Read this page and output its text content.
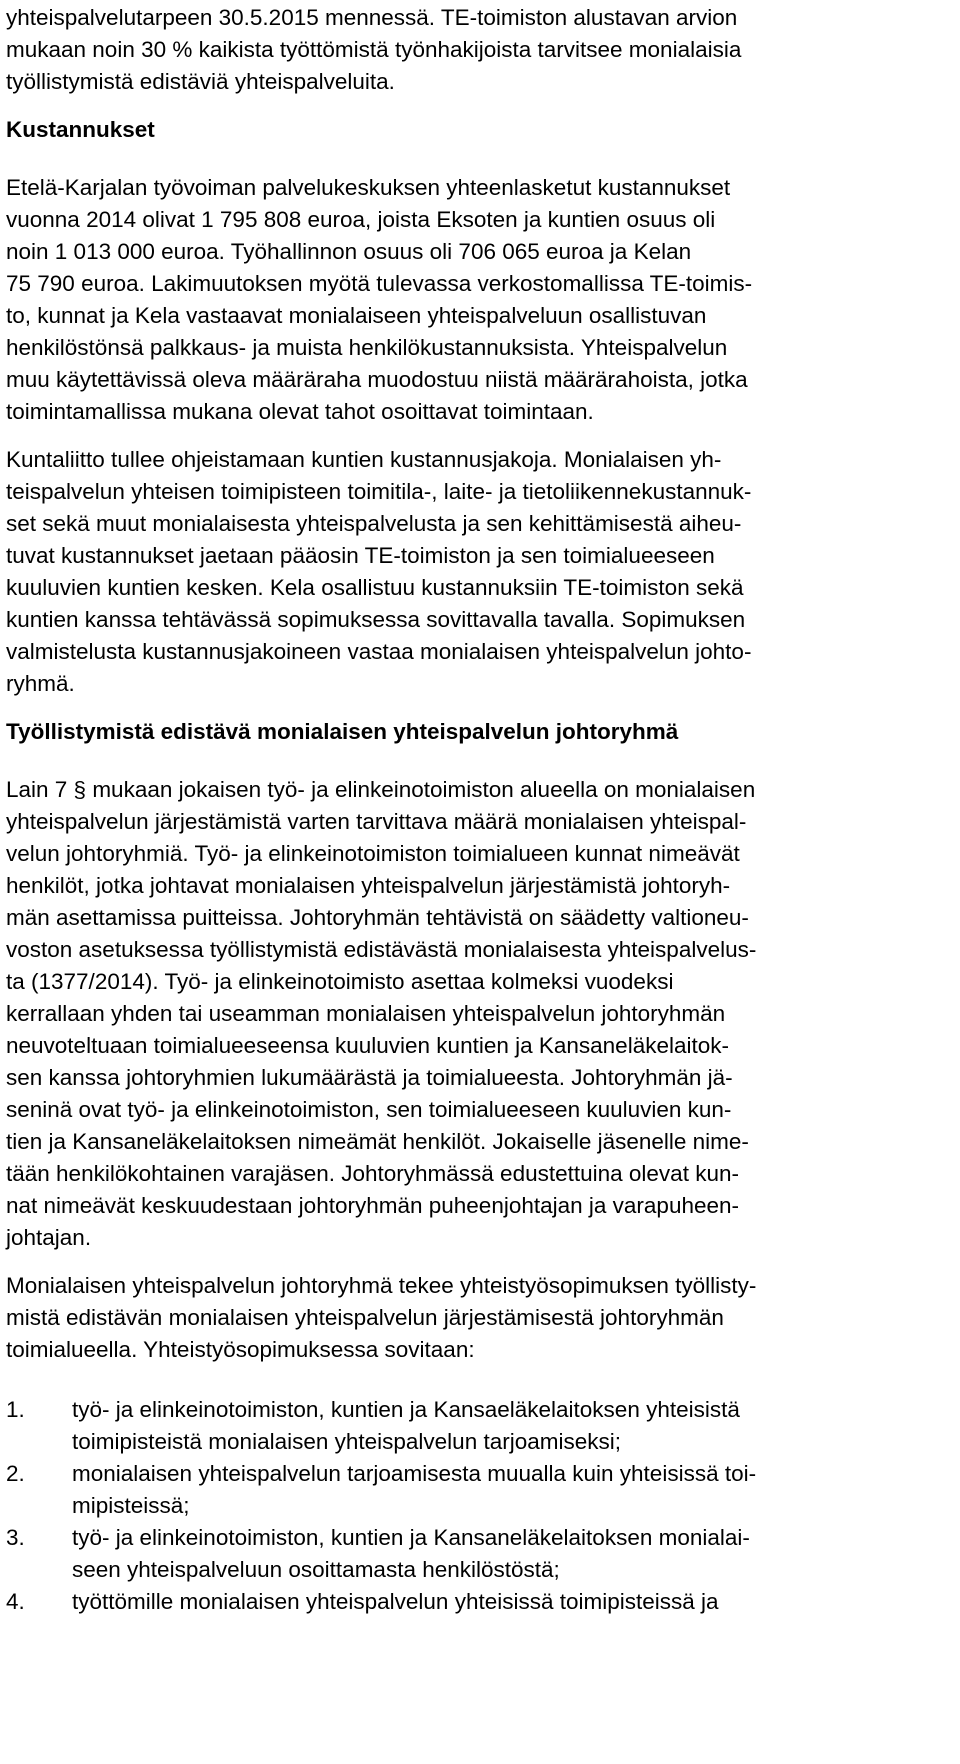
yhteispalvelutarpeen 30.5.2015 mennessä. TE-toimiston alustavan arvion
mukaan noin 30 % kaikista työttömistä työnhakijoista tarvitsee monialaisia
työllistymistä edistäviä yhteispalveluita.
Kustannukset
Etelä-Karjalan työvoiman palvelukeskuksen yhteenlasketut kustannukset
vuonna 2014 olivat 1 795 808 euroa, joista Eksoten ja kuntien osuus oli
noin 1 013 000 euroa. Työhallinnon osuus oli 706 065 euroa ja Kelan
75 790 euroa. Lakimuutoksen myötä tulevassa verkostomallissa TE-toimis-
to, kunnat ja Kela vastaavat monialaiseen yhteispalveluun osallistuvan
henkilöstönsä palkkaus- ja muista henkilökustannuksista. Yhteispalvelun
muu käytettävissä oleva määräraha muodostuu niistä määrärahoista, jotka
toimintamallissa mukana olevat tahot osoittavat toimintaan.
Kuntaliitto tullee ohjeistamaan kuntien kustannusjakoja. Monialaisen yh-
teispalvelun yhteisen toimipisteen toimitila-, laite- ja tietoliikennekustannuk-
set sekä muut monialaisesta yhteispalvelusta ja sen kehittämisestä aiheu-
tuvat kustannukset jaetaan pääosin TE-toimiston ja sen toimialueeseen
kuuluvien kuntien kesken. Kela osallistuu kustannuksiin TE-toimiston sekä
kuntien kanssa tehtävässä sopimuksessa sovittavalla tavalla. Sopimuksen
valmistelusta kustannusjakoineen vastaa monialaisen yhteispalvelun johto-
ryhmä.
Työllistymistä edistävä monialaisen yhteispalvelun johtoryhmä
Lain 7 § mukaan jokaisen työ- ja elinkeinotoimiston alueella on monialaisen
yhteispalvelun järjestämistä varten tarvittava määrä monialaisen yhteispal-
velun johtoryhmiä. Työ- ja elinkeinotoimiston toimialueen kunnat nimeävät
henkilöt, jotka johtavat monialaisen yhteispalvelun järjestämistä johtoryh-
män asettamissa puitteissa. Johtoryhmän tehtävistä on säädetty valtioneu-
voston asetuksessa työllistymistä edistävästä monialaisesta yhteispalvelus-
ta (1377/2014). Työ- ja elinkeinotoimisto asettaa kolmeksi vuodeksi
kerrallaan yhden tai useamman monialaisen yhteispalvelun johtoryhmän
neuvoteltuaan toimialueeseensa kuuluvien kuntien ja Kansaneläkelaitok-
sen kanssa johtoryhmien lukumäärästä ja toimialueesta. Johtoryhmän jä-
seninä ovat työ- ja elinkeinotoimiston, sen toimialueeseen kuuluvien kun-
tien ja Kansaneläkelaitoksen nimeämät henkilöt. Jokaiselle jäsenelle nime-
tään henkilökohtainen varajäsen. Johtoryhmässä edustettuina olevat kun-
nat nimeävät keskuudestaan johtoryhmän puheenjohtajan ja varapuheen-
johtajan.
Monialaisen yhteispalvelun johtoryhmä tekee yhteistyösopimuksen työllisty-
mistä edistävän monialaisen yhteispalvelun järjestämisestä johtoryhmän
toimialueella. Yhteistyösopimuksessa sovitaan:
1. työ- ja elinkeinotoimiston, kuntien ja Kansaeläkelaitoksen yhteisistä
toimipisteistä monialaisen yhteispalvelun tarjoamiseksi;
2. monialaisen yhteispalvelun tarjoamisesta muualla kuin yhteisissä toi-
mipisteissä;
3. työ- ja elinkeinotoimiston, kuntien ja Kansaneläkelaitoksen monialai-
seen yhteispalveluun osoittamasta henkilöstöstä;
4. työttömille monialaisen yhteispalvelun yhteisissä toimipisteissä ja
